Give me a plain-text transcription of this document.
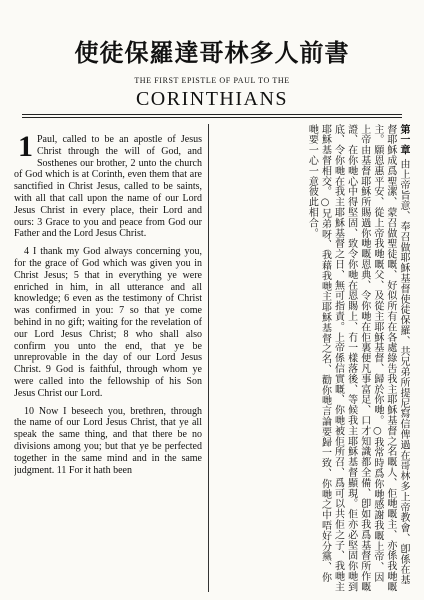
使徒保羅達哥林多人前書
THE FIRST EPISTLE OF PAUL TO THE
CORINTHIANS

1 Paul, called to be an apostle of Jesus Christ through the will of God, and Sosthenes our brother, 2 unto the church of God which is at Corinth, even them that are sanctified in Christ Jesus, called to be saints, with all that call upon the name of our Lord Jesus Christ in every place, their Lord and ours: 3 Grace to you and peace from God our Father and the Lord Jesus Christ.

4 I thank my God always concerning you, for the grace of God which was given you in Christ Jesus; 5 that in everything ye were enriched in him, in all utterance and all knowledge; 6 even as the testimony of Christ was confirmed in you: 7 so that ye come behind in no gift; waiting for the revelation of our Lord Jesus Christ; 8 who shall also confirm you unto the end, that ye be unreprovable in the day of our Lord Jesus Christ. 9 God is faithful, through whom ye were called into the fellowship of his Son Jesus Christ our Lord.

10 Now I beseech you, brethren, through the name of our Lord Jesus Christ, that ye all speak the same thing, and that there be no divisions among you; but that ye be perfected together in the same mind and in the same judgment. 11 For it hath been

第一章 由上帝旨意、奉召做耶穌基督使徒保羅、共兄弟所提尼寫信俾過在哥林多上帝教會、卽係在基督耶穌成爲聖潔、蒙召做聖徒嘅、好似所有在各處綠吿我主耶穌基督之名嘅人、佢哋嘅主、亦係我哋嘅主。願恩惠平安、從上帝我哋嘅父、及從主耶穌基督、歸於你哋。○我常時爲你哋感謝我嘅上帝、因上帝由基督耶穌所賜過你哋嘅恩典、令你哋在佢裏便凡事富足、口才知識都全備、卽如我爲基督所作嘅證、在你哋心中得堅固、致令你哋在恩賜上、冇一樣落後、等候我主耶穌基督顯現。佢亦必堅固你哋到底、令你哋在我主耶穌基督之日、無可指責。上帝係信實嘅、你哋被佢所召、爲可以共佢之子、我哋主耶穌基督相交。○兄弟呀、我藉我哋主耶穌基督之名、勸你哋言論要歸一致、你哋之中唔好分黨、你哋要一心一意彼此相合。
